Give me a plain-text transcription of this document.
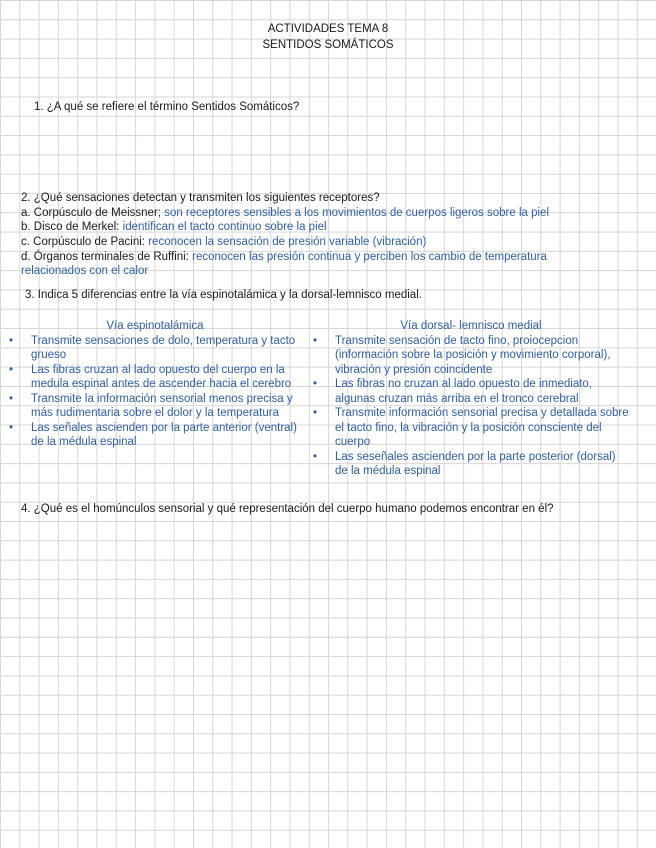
ACTIVIDADES TEMA 8
SENTIDOS SOMÁTICOS
1. ¿A qué se refiere el término Sentidos Somáticos?
2. ¿Qué sensaciones detectan y transmiten los siguientes receptores?
a. Corpúsculo de Meissner; son receptores sensibles a los movimientos de cuerpos ligeros sobre la piel
b. Disco de Merkel: identifican el tacto continuo sobre la piel
c. Corpúsculo de Pacini: reconocen la sensación de presión variable (vibración)
d. Órganos terminales de Ruffini: reconocen las presión continua y perciben los cambio de temperatura
relacionados con el calor
3. Indica 5 diferencias entre la vía espinotalámica y la dorsal-lemnisco medial.
Vía espinotalámica
• Transmite sensaciones de dolo, temperatura y tacto grueso
• Las fibras cruzan al lado opuesto del cuerpo en la medula espinal antes de ascender hacia el cerebro
• Transmite la información sensorial menos precisa y más rudimentaria sobre el dolor y la temperatura
• Las señales ascienden por la parte anterior (ventral) de la médula espinal
Vía dorsal- lemnisco medial
• Transmite sensación de tacto fino, proiocepcion (información sobre la posición y movimiento corporal), vibración y presión coincidente
• Las fibras no cruzan al lado opuesto de inmediato, algunas cruzan más arriba en el tronco cerebral
• Transmite información sensorial precisa y detallada sobre el tacto fino, la vibración y la posición consciente del cuerpo
• Las seseñales ascienden por la parte posterior (dorsal) de la médula espinal
4. ¿Qué es el homúnculos sensorial y qué representación del cuerpo humano podemos encontrar en él?
